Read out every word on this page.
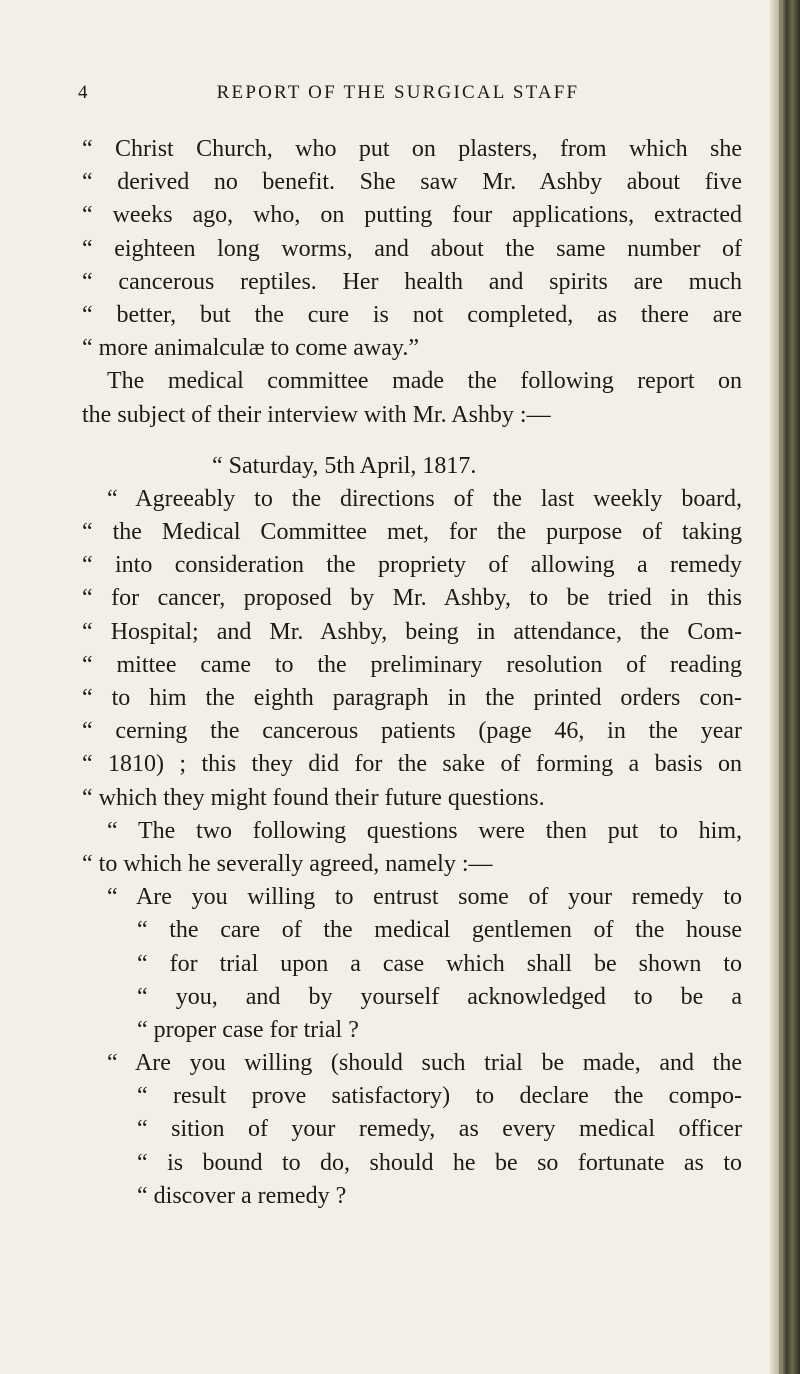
4	REPORT OF THE SURGICAL STAFF
“ Christ Church, who put on plasters, from which she
“ derived no benefit. She saw Mr. Ashby about five
“ weeks ago, who, on putting four applications, extracted
“ eighteen long worms, and about the same number of
“ cancerous reptiles. Her health and spirits are much
“ better, but the cure is not completed, as there are
“ more animalculæ to come away.”
The medical committee made the following report on
the subject of their interview with Mr. Ashby :—
“ Saturday, 5th April, 1817.
“ Agreeably to the directions of the last weekly board,
“ the Medical Committee met, for the purpose of taking
“ into consideration the propriety of allowing a remedy
“ for cancer, proposed by Mr. Ashby, to be tried in this
“ Hospital; and Mr. Ashby, being in attendance, the Com-
“ mittee came to the preliminary resolution of reading
“ to him the eighth paragraph in the printed orders con-
“ cerning the cancerous patients (page 46, in the year
“ 1810) ; this they did for the sake of forming a basis on
“ which they might found their future questions.
“ The two following questions were then put to him,
“ to which he severally agreed, namely :—
“ Are you willing to entrust some of your remedy to
“ the care of the medical gentlemen of the house
“ for trial upon a case which shall be shown to
“ you, and by yourself acknowledged to be a
“ proper case for trial ?
“ Are you willing (should such trial be made, and the
“ result prove satisfactory) to declare the compo-
“ sition of your remedy, as every medical officer
“ is bound to do, should he be so fortunate as to
“ discover a remedy ?
